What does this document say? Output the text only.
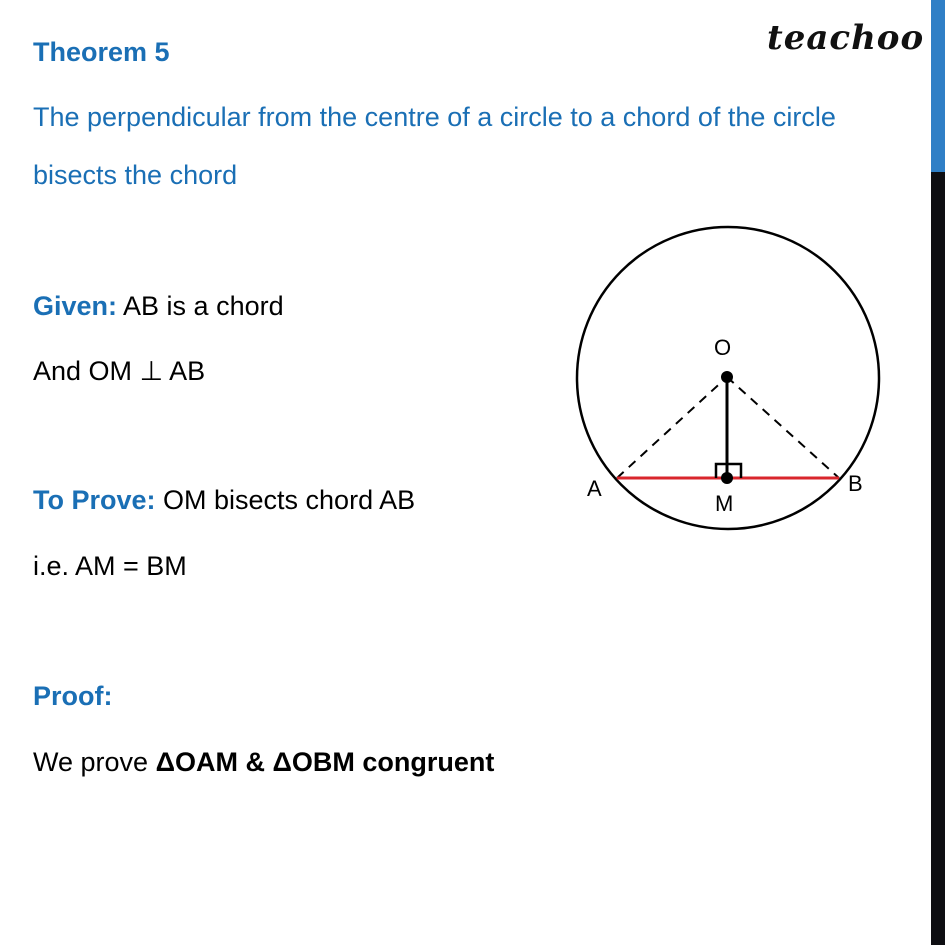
teachoo
Theorem 5
The perpendicular from the centre of a circle to a chord of the circle
bisects the chord
Given: AB is a chord
And OM ⊥ AB
To Prove: OM bisects chord AB
i.e. AM = BM
Proof:
We prove ΔOAM & ΔOBM congruent
O
A	B
M
